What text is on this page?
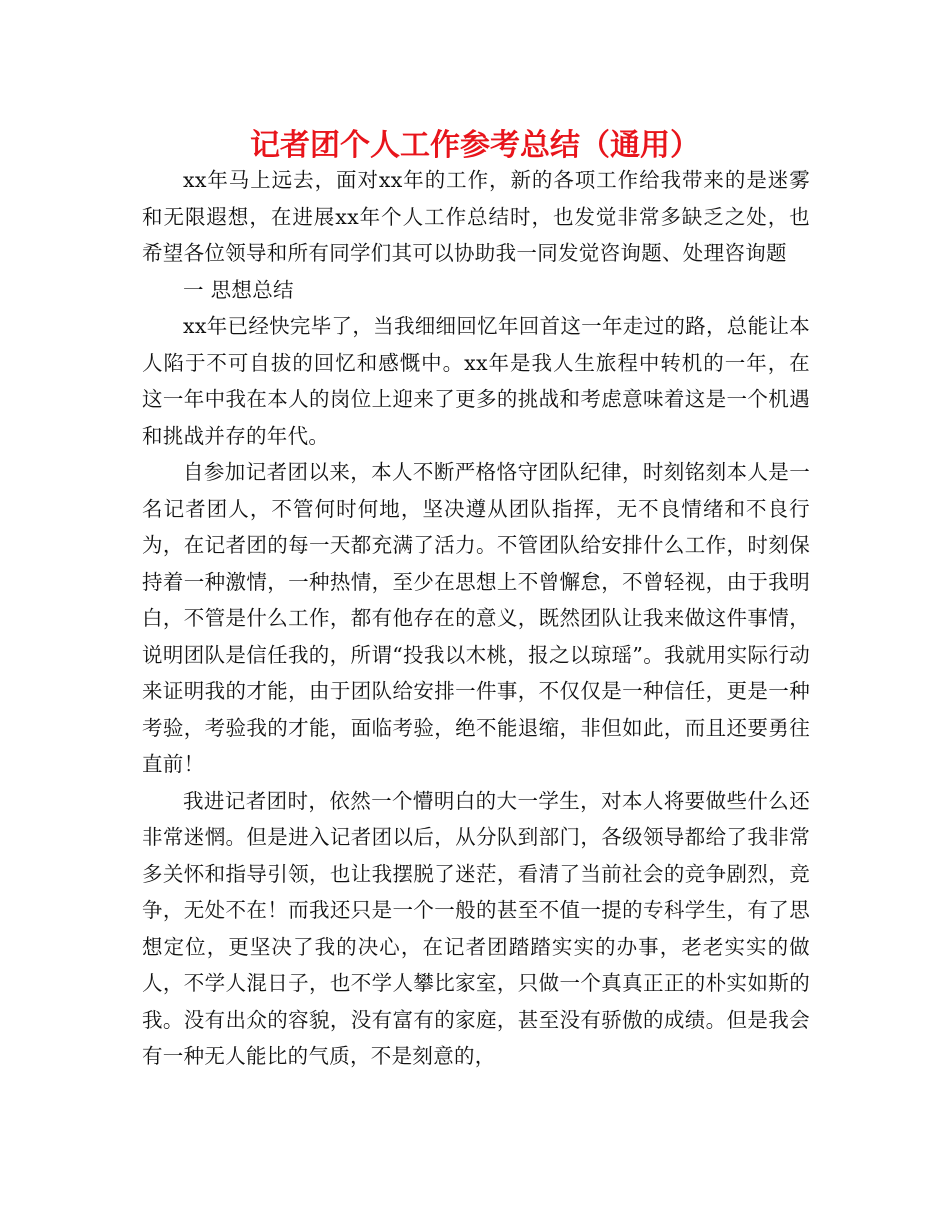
记者团个人工作参考总结（通用）

xx年马上远去，面对xx年的工作，新的各项工作给我带来的是迷雾和无限遐想，在进展xx年个人工作总结时，也发觉非常多缺乏之处，也希望各位领导和所有同学们其可以协助我一同发觉咨询题、处理咨询题

一 思想总结

xx年已经快完毕了，当我细细回忆年回首这一年走过的路，总能让本人陷于不可自拔的回忆和感慨中。xx年是我人生旅程中转机的一年，在这一年中我在本人的岗位上迎来了更多的挑战和考虑意味着这是一个机遇和挑战并存的年代。

自参加记者团以来，本人不断严格恪守团队纪律，时刻铭刻本人是一名记者团人，不管何时何地，坚决遵从团队指挥，无不良情绪和不良行为，在记者团的每一天都充满了活力。不管团队给安排什么工作，时刻保持着一种激情，一种热情，至少在思想上不曾懈怠，不曾轻视，由于我明白，不管是什么工作，都有他存在的意义，既然团队让我来做这件事情，说明团队是信任我的，所谓“投我以木桃，报之以琼瑶”。我就用实际行动来证明我的才能，由于团队给安排一件事，不仅仅是一种信任，更是一种考验，考验我的才能，面临考验，绝不能退缩，非但如此，而且还要勇往直前！

我进记者团时，依然一个懵明白的大一学生，对本人将要做些什么还非常迷惘。但是进入记者团以后，从分队到部门，各级领导都给了我非常多关怀和指导引领，也让我摆脱了迷茫，看清了当前社会的竞争剧烈，竞争，无处不在！而我还只是一个一般的甚至不值一提的专科学生，有了思想定位，更坚决了我的决心，在记者团踏踏实实的办事，老老实实的做人，不学人混日子，也不学人攀比家室，只做一个真真正正的朴实如斯的我。没有出众的容貌，没有富有的家庭，甚至没有骄傲的成绩。但是我会有一种无人能比的气质，不是刻意的，
